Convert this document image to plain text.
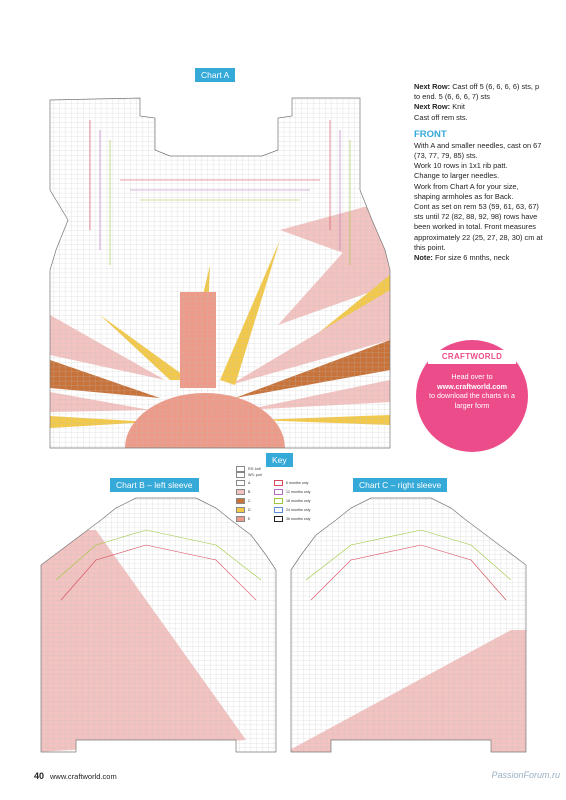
Chart A

Next Row: Cast off 5 (6, 6, 6, 6) sts, p to end. 5 (6, 6, 6, 7) sts

Next Row: Knit

Cast off rem sts.

FRONT

With A and smaller needles, cast on 67 (73, 77, 79, 85) sts.

Work 10 rows in 1x1 rib patt.

Change to larger needles.

Work from Chart A for your size, shaping armholes as for Back.

Cont as set on rem 53 (59, 61, 63, 67) sts until 72 (82, 88, 92, 98) rows have been worked in total. Front measures approximately 22 (25, 27, 28, 30) cm at this point.

Note: For size 6 mnths, neck

CRAFTWORLD
Head over to
www.craftworld.com
to download the charts in a larger form
Key
RS: knit
WS: purl
A
B
C
D
E
6 months only
12 months only
18 months only
24 months only
36 months only
Chart B – left sleeve	Chart C – right sleeve
40 www.craftworld.com	PassionForum.ru
